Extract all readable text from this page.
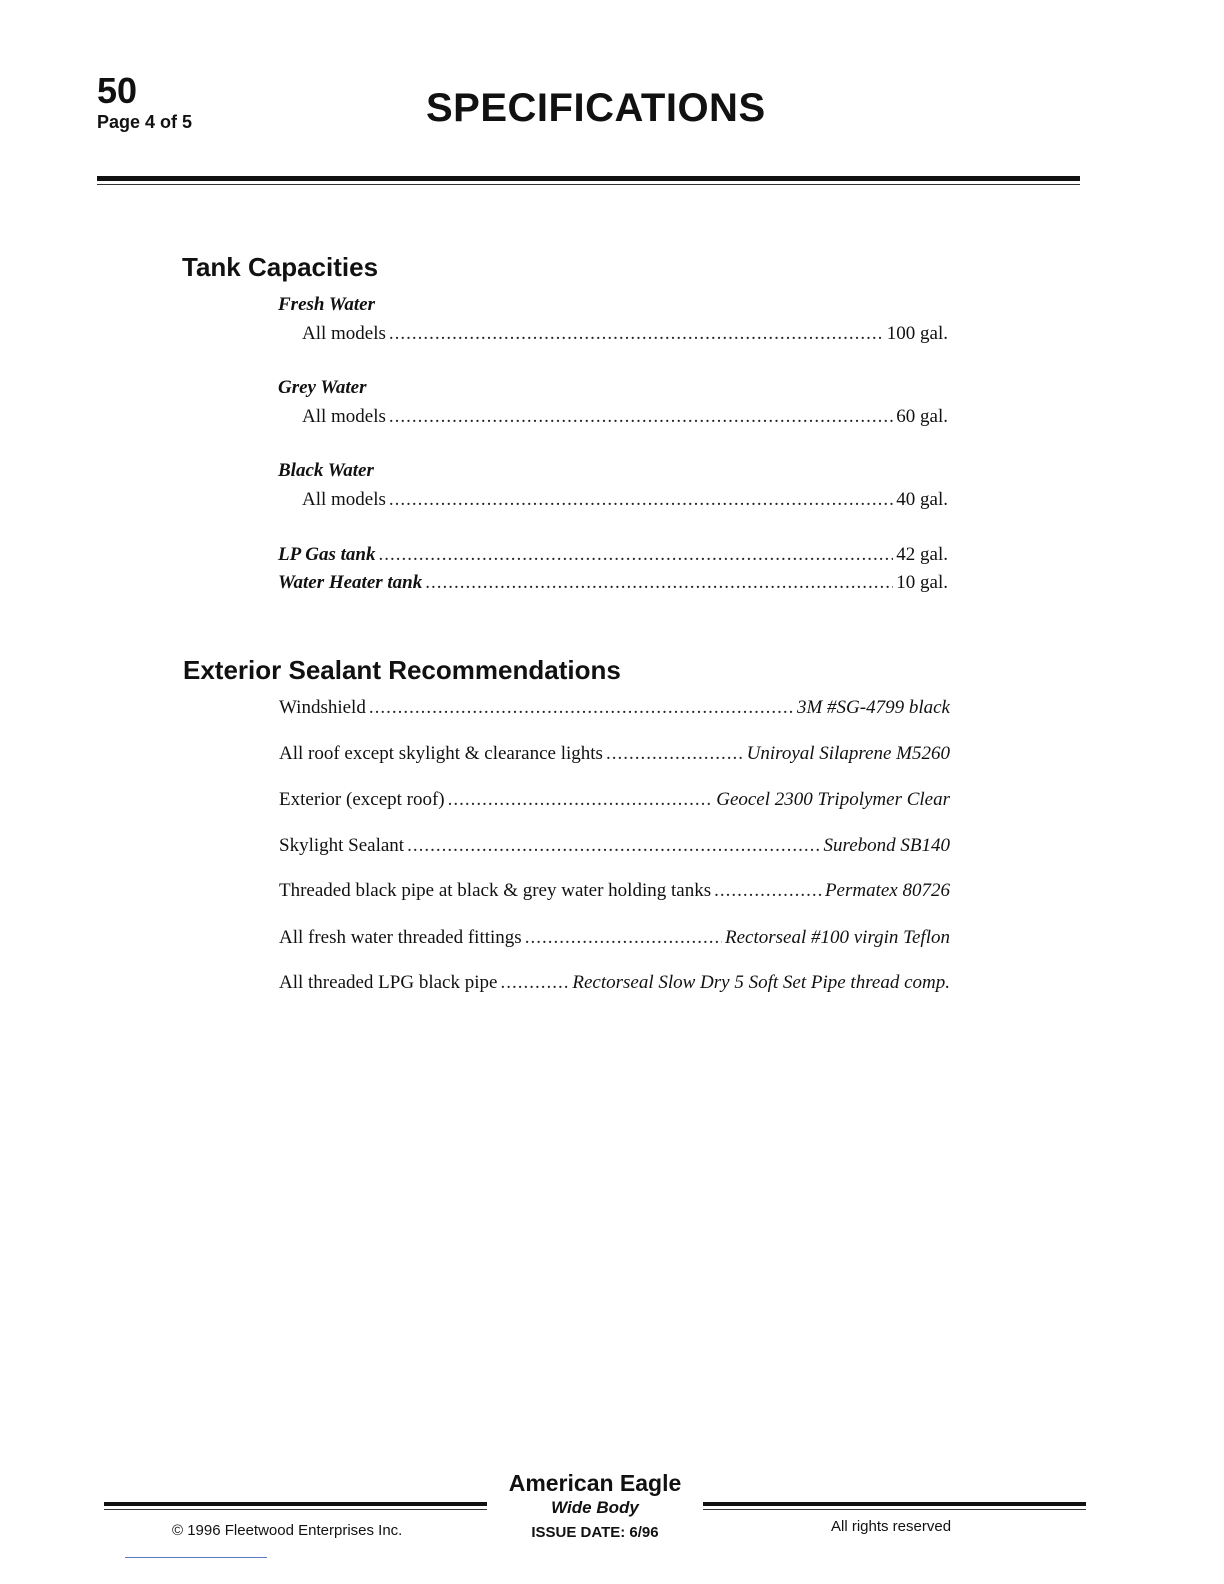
50
Page 4 of 5	SPECIFICATIONS
Tank Capacities
Fresh Water
All models .....	100 gal.
Grey Water
All models .....	60 gal.
Black Water
All models .....	40 gal.
LP Gas tank .....	42 gal.
Water Heater tank .....	10 gal.
Exterior Sealant Recommendations
Windshield .....	3M #SG-4799 black
All roof except skylight & clearance lights .....	Uniroyal Silaprene M5260
Exterior (except roof) .....	Geocel 2300 Tripolymer Clear
Skylight Sealant .....	Surebond SB140
Threaded black pipe at black & grey water holding tanks .....	Permatex 80726
All fresh water threaded fittings .....	Rectorseal #100 virgin Teflon
All threaded LPG black pipe .....	Rectorseal Slow Dry 5 Soft Set Pipe thread comp.
American Eagle
Wide Body
ISSUE DATE: 6/96
© 1996 Fleetwood Enterprises Inc.	All rights reserved
